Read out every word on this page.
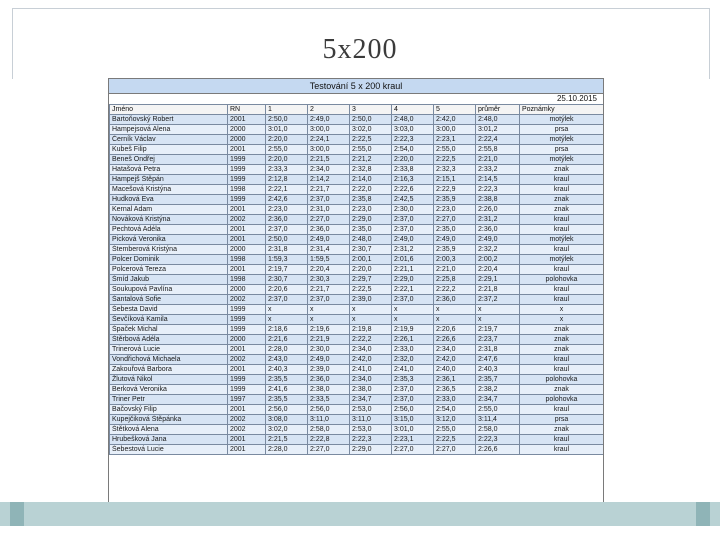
5x200
Testování 5 x 200 kraul
25.10.2015
Jméno	RN	1	2	3	4	5	průměr	Poznámky
Bartoňovský Robert	2001	2:50,0	2:49,0	2:50,0	2:48,0	2:42,0	2:48,0	motýlek
Hampejsová Alena	2000	3:01,0	3:00,0	3:02,0	3:03,0	3:00,0	3:01,2	prsa
Černík Václav	2000	2:20,0	2:24,1	2:22,5	2:22,3	2:23,1	2:22,4	motýlek
Kubeš Filip	2001	2:55,0	3:00,0	2:55,0	2:54,0	2:55,0	2:55,8	prsa
Beneš Ondřej	1999	2:20,0	2:21,5	2:21,2	2:20,0	2:22,5	2:21,0	motýlek
Hatašová Petra	1999	2:33,3	2:34,0	2:32,8	2:33,8	2:32,3	2:33,2	znak
Hampejš Štěpán	1999	2:12,8	2:14,2	2:14,0	2:16,3	2:15,1	2:14,5	kraul
Macešová Kristýna	1998	2:22,1	2:21,7	2:22,0	2:22,6	2:22,9	2:22,3	kraul
Hudková Eva	1999	2:42,6	2:37,0	2:35,8	2:42,5	2:35,9	2:38,8	znak
Kernal Adam	2001	2:23,0	2:31,0	2:23,0	2:30,0	2:23,0	2:26,0	znak
Nováková Kristýna	2002	2:36,0	2:27,0	2:29,0	2:37,0	2:27,0	2:31,2	kraul
Pechtová Adéla	2001	2:37,0	2:36,0	2:35,0	2:37,0	2:35,0	2:36,0	kraul
Picková Veronika	2001	2:50,0	2:49,0	2:48,0	2:49,0	2:49,0	2:49,0	motýlek
Štemberová Kristýna	2000	2:31,8	2:31,4	2:30,7	2:31,2	2:35,9	2:32,2	kraul
Polcer Dominik	1998	1:59,3	1:59,5	2:00,1	2:01,6	2:00,3	2:00,2	motýlek
Polcerová Tereza	2001	2:19,7	2:20,4	2:20,0	2:21,1	2:21,0	2:20,4	kraul
Šmíd Jakub	1998	2:30,7	2:30,3	2:29,7	2:29,0	2:25,8	2:29,1	polohovka
Soukupová Pavlína	2000	2:20,6	2:21,7	2:22,5	2:22,1	2:22,2	2:21,8	kraul
Šantalová Sofie	2002	2:37,0	2:37,0	2:39,0	2:37,0	2:36,0	2:37,2	kraul
Šebesta David	1999	x	x	x	x	x	x	x
Ševčíková Kamila	1999	x	x	x	x	x	x	x
Špaček Michal	1999	2:18,6	2:19,6	2:19,8	2:19,9	2:20,6	2:19,7	znak
Štěrbová Adéla	2000	2:21,6	2:21,9	2:22,2	2:26,1	2:26,6	2:23,7	znak
Trinerová Lucie	2001	2:28,0	2:30,0	2:34,0	2:33,0	2:34,0	2:31,8	znak
Vondřichová Michaela	2002	2:43,0	2:49,0	2:42,0	2:32,0	2:42,0	2:47,6	kraul
Zakouřová Barbora	2001	2:40,3	2:39,0	2:41,0	2:41,0	2:40,0	2:40,3	kraul
Žlutová Nikol	1999	2:35,5	2:36,0	2:34,0	2:35,3	2:36,1	2:35,7	polohovka
Berková Veronika	1999	2:41,6	2:38,0	2:38,0	2:37,0	2:36,5	2:38,2	znak
Triner Petr	1997	2:35,5	2:33,5	2:34,7	2:37,0	2:33,0	2:34,7	polohovka
Bačovský Filip	2001	2:56,0	2:56,0	2:53,0	2:56,0	2:54,0	2:55,0	kraul
Kupejčiková Štěpánka	2002	3:08,0	3:11,0	3:11,0	3:15,0	3:12,0	3:11,4	prsa
Štětková Alena	2002	3:02,0	2:58,0	2:53,0	3:01,0	2:55,0	2:58,0	znak
Hrubešková Jana	2001	2:21,5	2:22,8	2:22,3	2:23,1	2:22,5	2:22,3	kraul
Šebestová Lucie	2001	2:28,0	2:27,0	2:29,0	2:27,0	2:27,0	2:26,6	kraul
